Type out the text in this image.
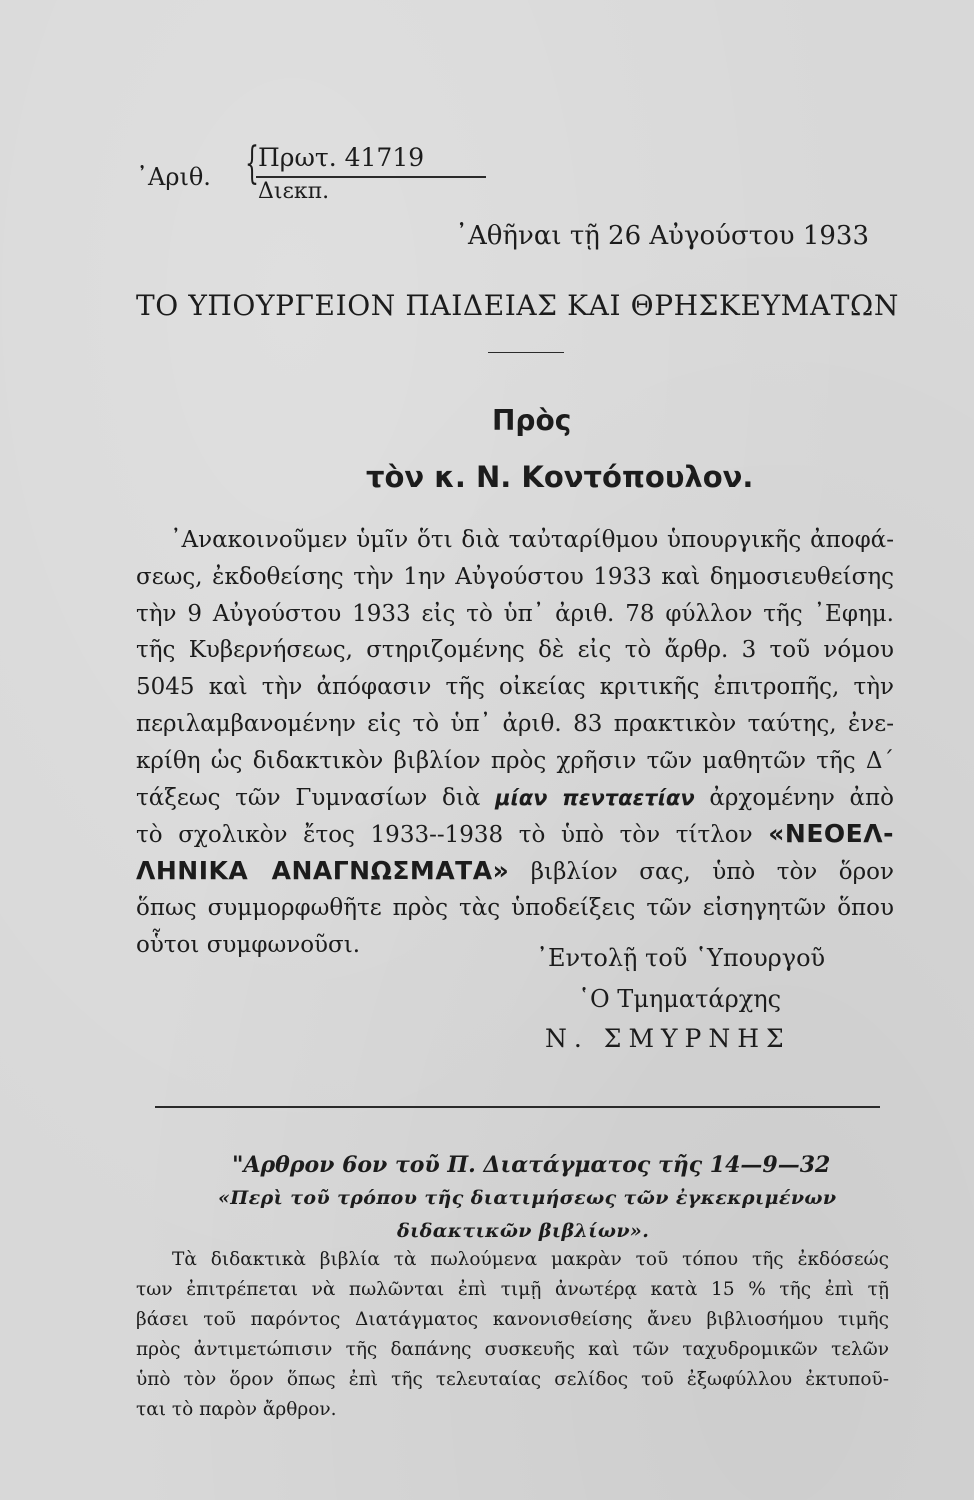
᾿Αριθ. { Πρωτ. 41719
Διεκπ.
᾿Αθῆναι τῇ 26 Αὐγούστου 1933
ΤΟ ΥΠΟΥΡΓΕΙΟΝ ΠΑΙΔΕΙΑΣ ΚΑΙ ΘΡΗΣΚΕΥΜΑΤΩΝ
Πρὸς
τὸν κ. Ν. Κοντόπουλον.
᾿Ανακοινοῦμεν ὑμῖν ὅτι διὰ ταὐταρίθμου ὑπουργικῆς ἀποφά-
σεως, ἐκδοθείσης τὴν 1ην Αὐγούστου 1933 καὶ δημοσιευθείσης
τὴν 9 Αὐγούστου 1933 εἰς τὸ ὑπ᾿ ἀριθ. 78 φύλλον τῆς ᾿Εφημ.
τῆς Κυβερνήσεως, στηριζομένης δὲ εἰς τὸ ἄρθρ. 3 τοῦ νόμου
5045 καὶ τὴν ἀπόφασιν τῆς οἰκείας κριτικῆς ἐπιτροπῆς, τὴν
περιλαμβανομένην εἰς τὸ ὑπ᾿ ἀριθ. 83 πρακτικὸν ταύτης, ἐνε-
κρίθη ὡς διδακτικὸν βιβλίον πρὸς χρῆσιν τῶν μαθητῶν τῆς Δ´
τάξεως τῶν Γυμνασίων διὰ μίαν πενταετίαν ἀρχομένην ἀπὸ
τὸ σχολικὸν ἔτος 1933--1938 τὸ ὑπὸ τὸν τίτλον «ΝΕΟΕΛ-
ΛΗΝΙΚΑ ΑΝΑΓΝΩΣΜΑΤΑ» βιβλίον σας, ὑπὸ τὸν ὅρον
ὅπως συμμορφωθῆτε πρὸς τὰς ὑποδείξεις τῶν εἰσηγητῶν ὅπου
οὗτοι συμφωνοῦσι.	᾿Εντολῇ τοῦ ῾Υπουργοῦ
῾Ο Τμηματάρχης
Ν. ΣΜΥΡΝΗΣ
"Αρθρον 6ον τοῦ Π. Διατάγματος τῆς 14—9—32
«Περὶ τοῦ τρόπου τῆς διατιμήσεως τῶν ἐγκεκριμένων
διδακτικῶν βιβλίων».
Τὰ διδακτικὰ βιβλία τὰ πωλούμενα μακρὰν τοῦ τόπου τῆς ἐκδόσεώς
των ἐπιτρέπεται νὰ πωλῶνται ἐπὶ τιμῇ ἀνωτέρᾳ κατὰ 15 % τῆς ἐπὶ τῇ
βάσει τοῦ παρόντος Διατάγματος κανονισθείσης ἄνευ βιβλιοσήμου τιμῆς
πρὸς ἀντιμετώπισιν τῆς δαπάνης συσκευῆς καὶ τῶν ταχυδρομικῶν τελῶν
ὑπὸ τὸν ὅρον ὅπως ἐπὶ τῆς τελευταίας σελίδος τοῦ ἐξωφύλλου ἐκτυποῦ-
ται τὸ παρὸν ἄρθρον.
